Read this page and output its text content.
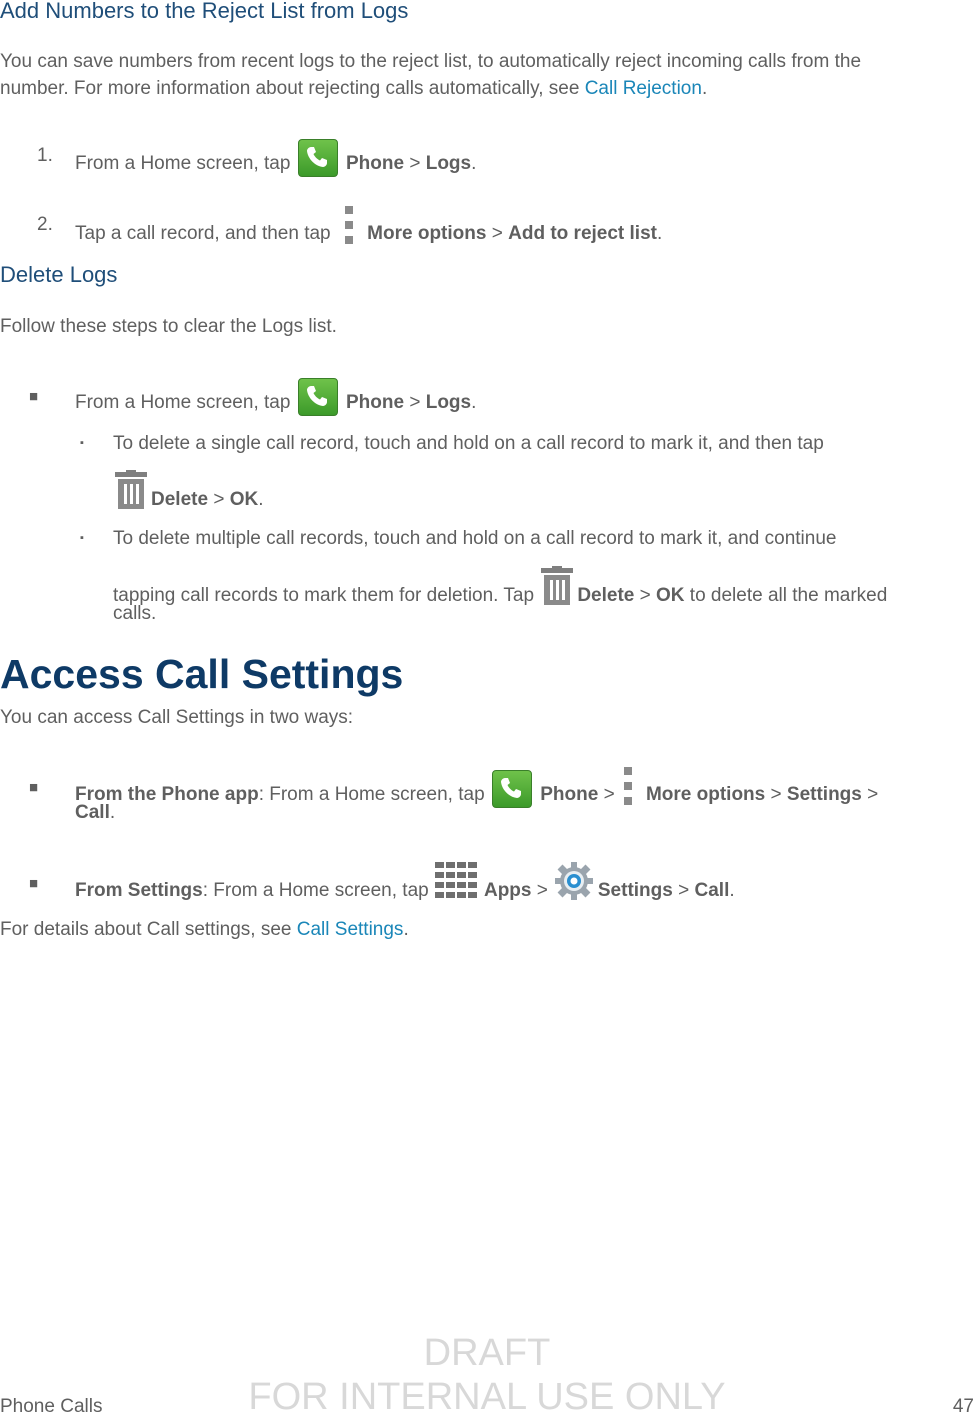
Add Numbers to the Reject List from Logs
You can save numbers from recent logs to the reject list, to automatically reject incoming calls from the
number. For more information about rejecting calls automatically, see Call Rejection.
1. From a Home screen, tap	Phone > Logs.
2. Tap a call record, and then tap
More options > Add to reject list.
Delete Logs
Follow these steps to clear the Logs list.
■ From a Home screen, tap	Phone > Logs.
▪ To delete a single call record, touch and hold on a call record to mark it, and then tap
Delete > OK.
▪ To delete multiple call records, touch and hold on a call record to mark it, and continue
tapping call records to mark them for deletion. Tap Delete > OK to delete all the marked
calls.
Access Call Settings
You can access Call Settings in two ways:
■ From the Phone app: From a Home screen, tap	Phone > More options > Settings >
Call.
■ From Settings: From a Home screen, tap	Apps >	Settings > Call.
For details about Call settings, see Call Settings.
DRAFT
FOR INTERNAL USE ONLY
Phone Calls	47
